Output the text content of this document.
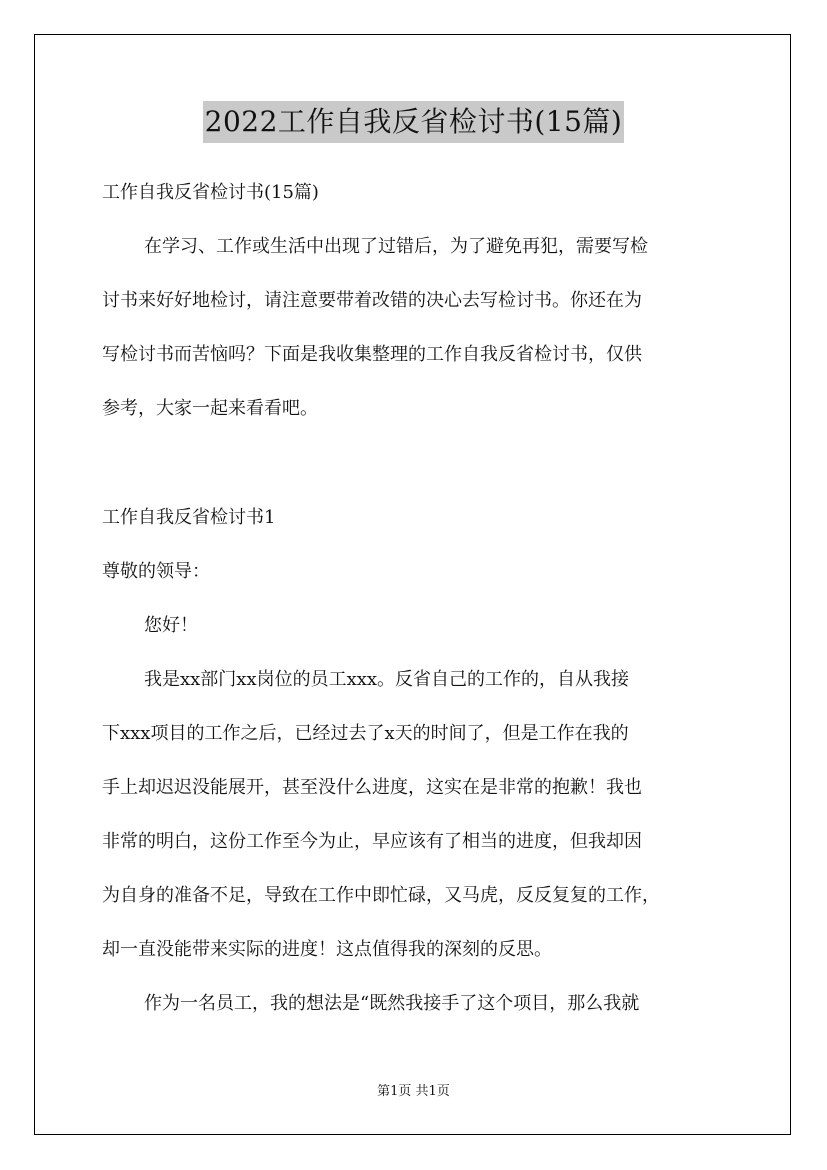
2022工作自我反省检讨书(15篇)
工作自我反省检讨书(15篇)
在学习、工作或生活中出现了过错后，为了避免再犯，需要写检
讨书来好好地检讨，请注意要带着改错的决心去写检讨书。你还在为
写检讨书而苦恼吗？下面是我收集整理的工作自我反省检讨书，仅供
参考，大家一起来看看吧。
工作自我反省检讨书1
尊敬的领导：
您好！
我是xx部门xx岗位的员工xxx。反省自己的工作的，自从我接
下xxx项目的工作之后，已经过去了x天的时间了，但是工作在我的
手上却迟迟没能展开，甚至没什么进度，这实在是非常的抱歉！我也
非常的明白，这份工作至今为止，早应该有了相当的进度，但我却因
为自身的准备不足，导致在工作中即忙碌，又马虎，反反复复的工作，
却一直没能带来实际的进度！这点值得我的深刻的反思。
作为一名员工，我的想法是“既然我接手了这个项目，那么我就
第1页 共1页
